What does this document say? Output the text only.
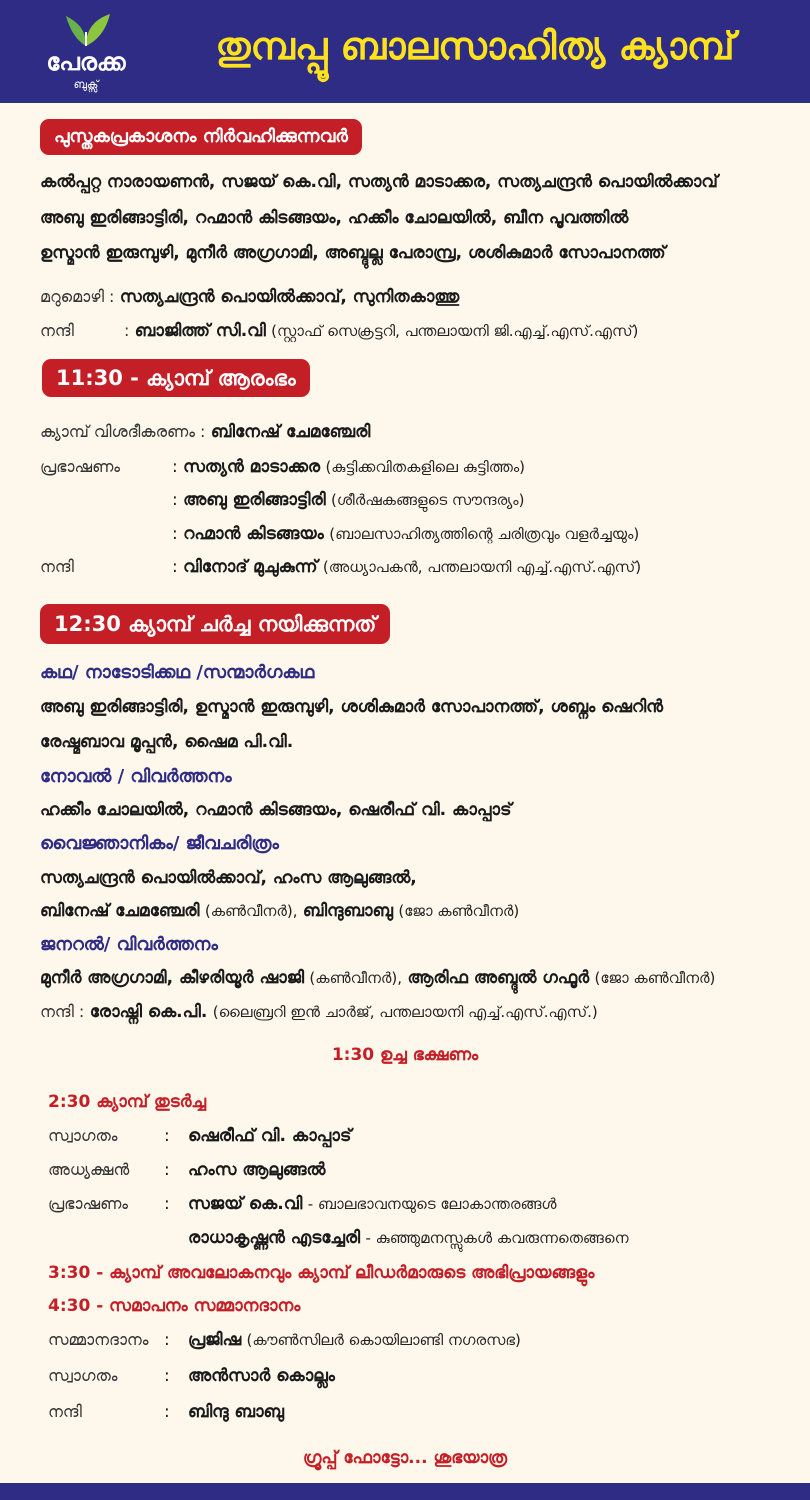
പേരക്ക
ബുക്സ്
തുമ്പപ്പൂ ബാലസാഹിത്യ ക്യാമ്പ്
പുസ്തകപ്രകാശനം നിർവഹിക്കുന്നവർ
കൽപ്പറ്റ നാരായണൻ, സജയ് കെ.വി, സത്യൻ മാടാക്കര, സത്യചന്ദ്രൻ പൊയിൽക്കാവ്
അബു ഇരിങ്ങാട്ടിരി, റഹ്മാൻ കിടങ്ങയം, ഹക്കീം ചോലയിൽ, ബീന പൂവത്തിൽ
ഉസ്മാൻ ഇരുമ്പുഴി, മുനീർ അഗ്രഗാമി, അബ്ദുല്ല പേരാമ്പ്ര, ശശികുമാർ സോപാനത്ത്
മറുമൊഴി : സത്യചന്ദ്രൻ പൊയിൽക്കാവ്, സുനിതകാത്തു
നന്ദി	: ബാജിത്ത് സി.വി (സ്റ്റാഫ് സെക്രട്ടറി, പന്തലായനി ജി.എച്ച്.എസ്.എസ്)
11:30 - ക്യാമ്പ് ആരംഭം
ക്യാമ്പ് വിശദീകരണം : ബിനേഷ് ചേമഞ്ചേരി
പ്രഭാഷണം	: സത്യൻ മാടാക്കര (കുട്ടിക്കവിതകളിലെ കുട്ടിത്തം)
: അബു ഇരിങ്ങാട്ടിരി (ശീർഷകങ്ങളുടെ സൗന്ദര്യം)
: റഹ്മാൻ കിടങ്ങയം (ബാലസാഹിത്യത്തിന്റെ ചരിത്രവും വളർച്ചയും)
നന്ദി	: വിനോദ് മുചുകുന്ന് (അധ്യാപകൻ, പന്തലായനി എച്ച്.എസ്.എസ്)
12:30 ക്യാമ്പ് ചർച്ച നയിക്കുന്നത്
കഥ/ നാടോടിക്കഥ /സന്മാർഗകഥ
അബു ഇരിങ്ങാട്ടിരി, ഉസ്മാൻ ഇരുമ്പുഴി, ശശികുമാർ സോപാനത്ത്, ശബ്നം ഷെറിൻ
രേഷ്മബാവ മൂപ്പൻ, ഷൈമ പി.വി.
നോവൽ / വിവർത്തനം
ഹക്കീം ചോലയിൽ, റഹ്മാൻ കിടങ്ങയം, ഷെരീഫ് വി. കാപ്പാട്
വൈജ്ഞാനികം/ ജീവചരിത്രം
സത്യചന്ദ്രൻ പൊയിൽക്കാവ്, ഹംസ ആലുങ്ങൽ,
ബിനേഷ് ചേമഞ്ചേരി (കൺവീനർ), ബിന്ദുബാബു (ജോ കൺവീനർ)
ജനറൽ/ വിവർത്തനം
മുനീർ അഗ്രഗാമി, കീഴരിയൂർ ഷാജി (കൺവീനർ), ആരിഫ അബ്ദുൽ ഗഫൂർ (ജോ കൺവീനർ)
നന്ദി : രോഷ്നി കെ.പി. (ലൈബ്രറി ഇൻ ചാർജ്, പന്തലായനി എച്ച്.എസ്.എസ്.)
1:30 ഉച്ച ഭക്ഷണം
2:30 ക്യാമ്പ് തുടർച്ച
സ്വാഗതം	: ഷെരീഫ് വി. കാപ്പാട്
അധ്യക്ഷൻ : ഹംസ ആലുങ്ങൽ
പ്രഭാഷണം : സജയ് കെ.വി - ബാലഭാവനയുടെ ലോകാന്തരങ്ങൾ
രാധാകൃഷ്ണൻ എടച്ചേരി - കുഞ്ഞുമനസ്സുകൾ കവരുന്നതെങ്ങനെ
3:30 - ക്യാമ്പ് അവലോകനവും ക്യാമ്പ് ലീഡർമാരുടെ അഭിപ്രായങ്ങളും
4:30 - സമാപനം സമ്മാനദാനം
സമ്മാനദാനം : പ്രജിഷ (കൗൺസിലർ കൊയിലാണ്ടി നഗരസഭ)
സ്വാഗതം	: അൻസാർ കൊല്ലം
നന്ദി	: ബിന്ദു ബാബു
ഗ്രൂപ്പ് ഫോട്ടോ... ശുഭയാത്ര
